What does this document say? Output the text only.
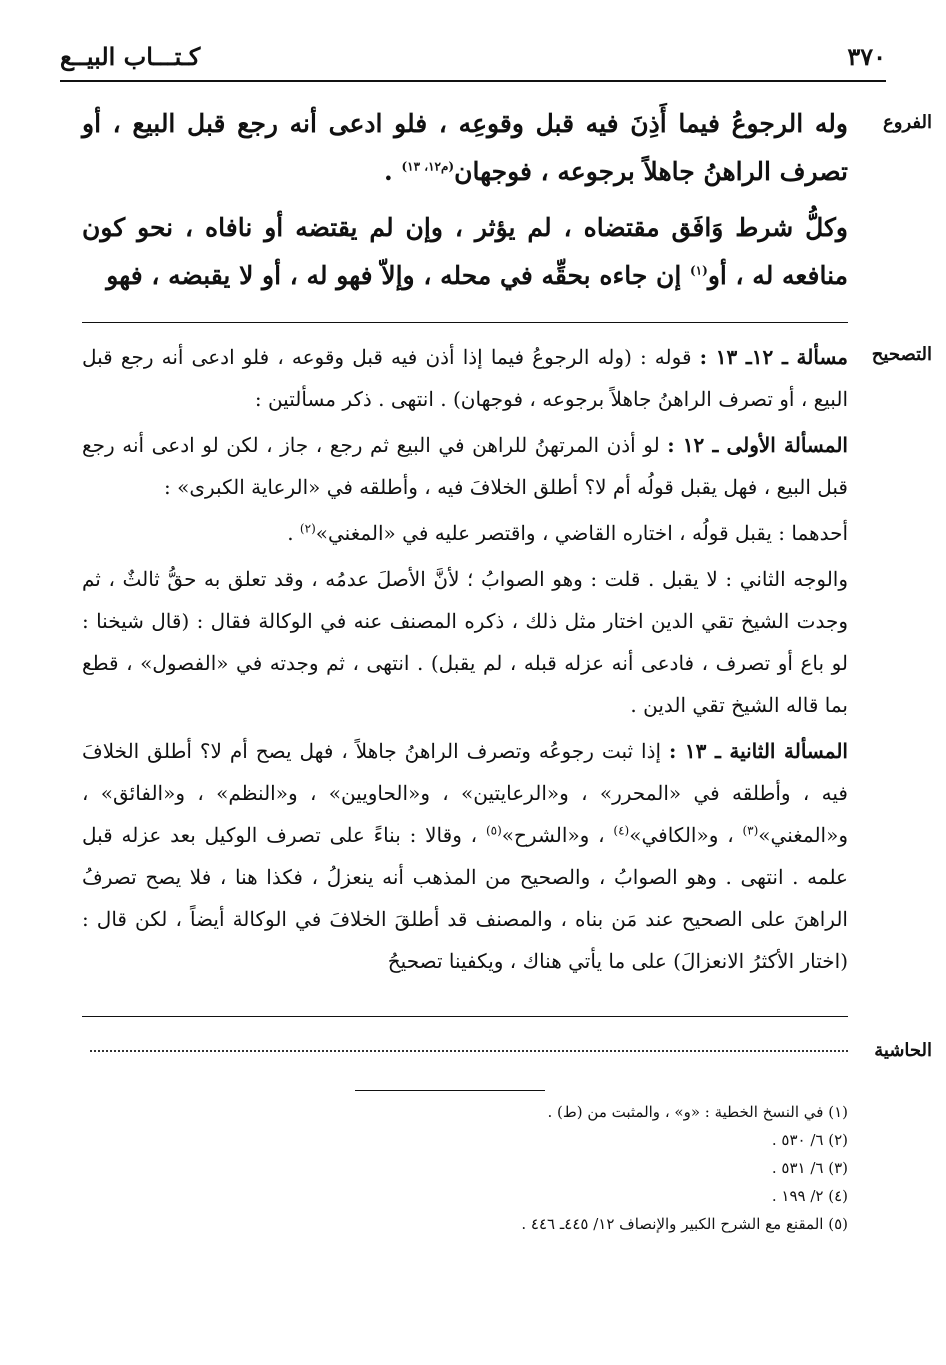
٣٧٠
كـتـــاب البيــع
الفروع

وله الرجوعُ فيما أَذِنَ فيه قبل وقوعِه ، فلو ادعى أنه رجع قبل البيع ، أو تصرف الراهنُ جاهلاً برجوعه ، فوجهان$^{(م١٢، ١٣)}$ .

وكلُّ شرط وَافَق مقتضاه ، لم يؤثر ، وإن لم يقتضه أو نافاه ، نحو كون منافعه له ، أو$^{(١)}$ إن جاءه بحقِّه في محله ، وإلاّ فهو له ، أو لا يقبضه ، فهو

التصحيح

مسألة ـ ١٢ـ ١٣ : قوله : (وله الرجوعُ فيما إذا أذن فيه قبل وقوعه ، فلو ادعى أنه رجع قبل البيع ، أو تصرف الراهنُ جاهلاً برجوعه ، فوجهان) . انتهى . ذكر مسألتين :

المسألة الأولى ـ ١٢ : لو أذن المرتهنُ للراهن في البيع ثم رجع ، جاز ، لكن لو ادعى أنه رجع قبل البيع ، فهل يقبل قولُه أم لا؟ أطلق الخلافَ فيه ، وأطلقه في «الرعاية الكبرى» :

أحدهما : يقبل قولُه ، اختاره القاضي ، واقتصر عليه في «المغني»$^{(٢)}$ .

والوجه الثاني : لا يقبل . قلت : وهو الصوابُ ؛ لأنَّ الأصلَ عدمُه ، وقد تعلق به حقُّ ثالثٌ ، ثم وجدت الشيخ تقي الدين اختار مثل ذلك ، ذكره المصنف عنه في الوكالة فقال : (قال شيخنا : لو باع أو تصرف ، فادعى أنه عزله قبله ، لم يقبل) . انتهى ، ثم وجدته في «الفصول» ، قطع بما قاله الشيخ تقي الدين .

المسألة الثانية ـ ١٣ : إذا ثبت رجوعُه وتصرف الراهنُ جاهلاً ، فهل يصح أم لا؟ أطلق الخلافَ فيه ، وأطلقه في «المحرر» ، و«الرعايتين» ، و«الحاويين» ، و«النظم» ، و«الفائق» ، و«المغني»$^{(٣)}$ ، و«الكافي»$^{(٤)}$ ، و«الشرح»$^{(٥)}$ ، وقالا : بناءً على تصرف الوكيل بعد عزله قبل علمه . انتهى . وهو الصوابُ ، والصحيح من المذهب أنه ينعزلُ ، فكذا هنا ، فلا يصح تصرفُ الراهنَ على الصحيح عند مَن بناه ، والمصنف قد أطلقَ الخلافَ في الوكالة أيضاً ، لكن قال : (اختار الأكثرُ الانعزالَ) على ما يأتي هناك ، ويكفينا تصحيحُ

الحاشية
(١) في النسخ الخطية : «و» ، والمثبت من (ط) .
(٢) ٦/ ٥٣٠ .
(٣) ٦/ ٥٣١ .
(٤) ٢/ ١٩٩ .
(٥) المقنع مع الشرح الكبير والإنصاف ١٢/ ٤٤٥ـ ٤٤٦ .
